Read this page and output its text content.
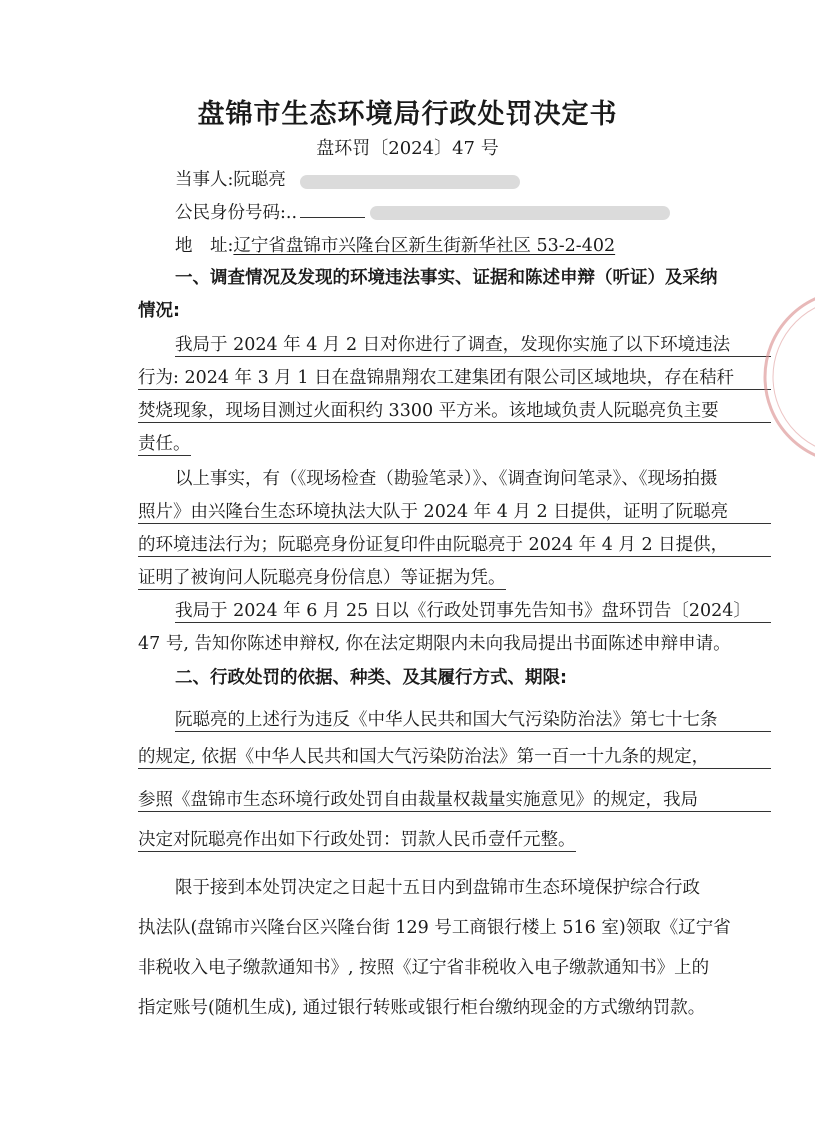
盘锦市生态环境局行政处罚决定书
盘环罚〔2024〕47 号
当事人:阮聪亮
公民身份号码:..
地　址:辽宁省盘锦市兴隆台区新生街新华社区 53-2-402
一、调查情况及发现的环境违法事实、证据和陈述申辩（听证）及采纳
情况:
我局于 2024 年 4 月 2 日对你进行了调查，发现你实施了以下环境违法
行为: 2024 年 3 月 1 日在盘锦鼎翔农工建集团有限公司区域地块，存在秸秆
焚烧现象，现场目测过火面积约 3300 平方米。该地域负责人阮聪亮负主要
责任。
以上事实，有（《现场检查（勘验笔录）》、《调查询问笔录》、《现场拍摄
照片》由兴隆台生态环境执法大队于 2024 年 4 月 2 日提供，证明了阮聪亮
的环境违法行为；阮聪亮身份证复印件由阮聪亮于 2024 年 4 月 2 日提供，
证明了被询问人阮聪亮身份信息）等证据为凭。
我局于 2024 年 6 月 25 日以《行政处罚事先告知书》盘环罚告〔2024〕
47 号, 告知你陈述申辩权, 你在法定期限内未向我局提出书面陈述申辩申请。
二、行政处罚的依据、种类、及其履行方式、期限:
阮聪亮的上述行为违反《中华人民共和国大气污染防治法》第七十七条
的规定, 依据《中华人民共和国大气污染防治法》第一百一十九条的规定，
参照《盘锦市生态环境行政处罚自由裁量权裁量实施意见》的规定，我局
决定对阮聪亮作出如下行政处罚：罚款人民币壹仟元整。
限于接到本处罚决定之日起十五日内到盘锦市生态环境保护综合行政
执法队(盘锦市兴隆台区兴隆台街 129 号工商银行楼上 516 室)领取《辽宁省
非税收入电子缴款通知书》, 按照《辽宁省非税收入电子缴款通知书》上的
指定账号(随机生成), 通过银行转账或银行柜台缴纳现金的方式缴纳罚款。
